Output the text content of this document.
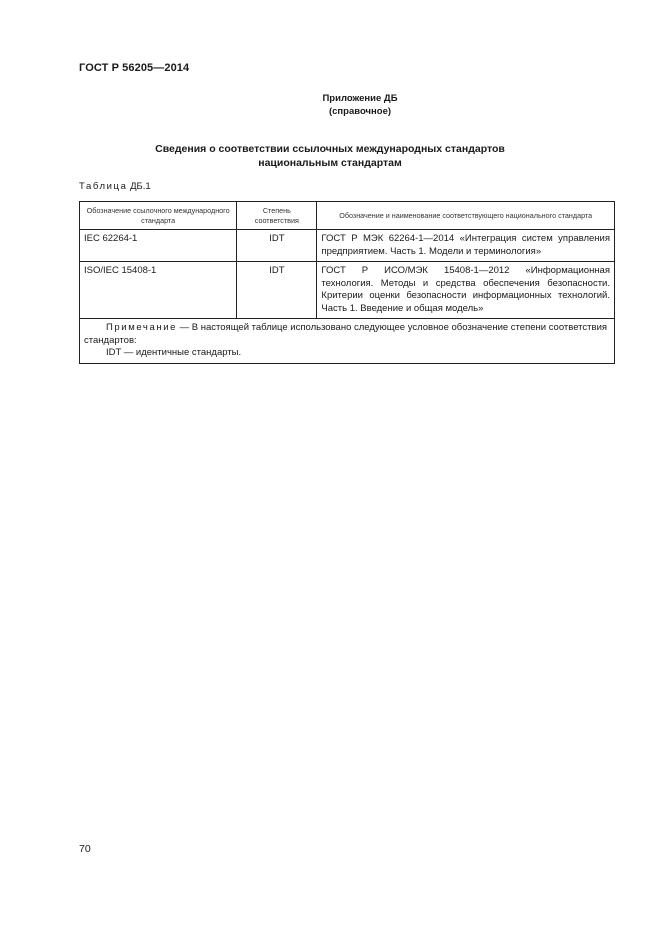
ГОСТ Р 56205—2014
Приложение ДБ
(справочное)
Сведения о соответствии ссылочных международных стандартов
национальным стандартам
Таблица ДБ.1
Обозначение ссылочного международного стандарта	Степень соответствия	Обозначение и наименование соответствующего национального стандарта
IEC 62264-1	IDT	ГОСТ Р МЭК 62264-1—2014 «Интеграция систем управления предприятием. Часть 1. Модели и терминология»
ISO/IEC 15408-1	IDT	ГОСТ Р ИСО/МЭК 15408-1—2012 «Информационная технология. Методы и средства обеспечения безопасности. Критерии оценки безопасности информационных технологий. Часть 1. Введение и общая модель»
Примечание — В настоящей таблице использовано следующее условное обозначение степени соответствия стандартов:
IDT — идентичные стандарты.		
70
